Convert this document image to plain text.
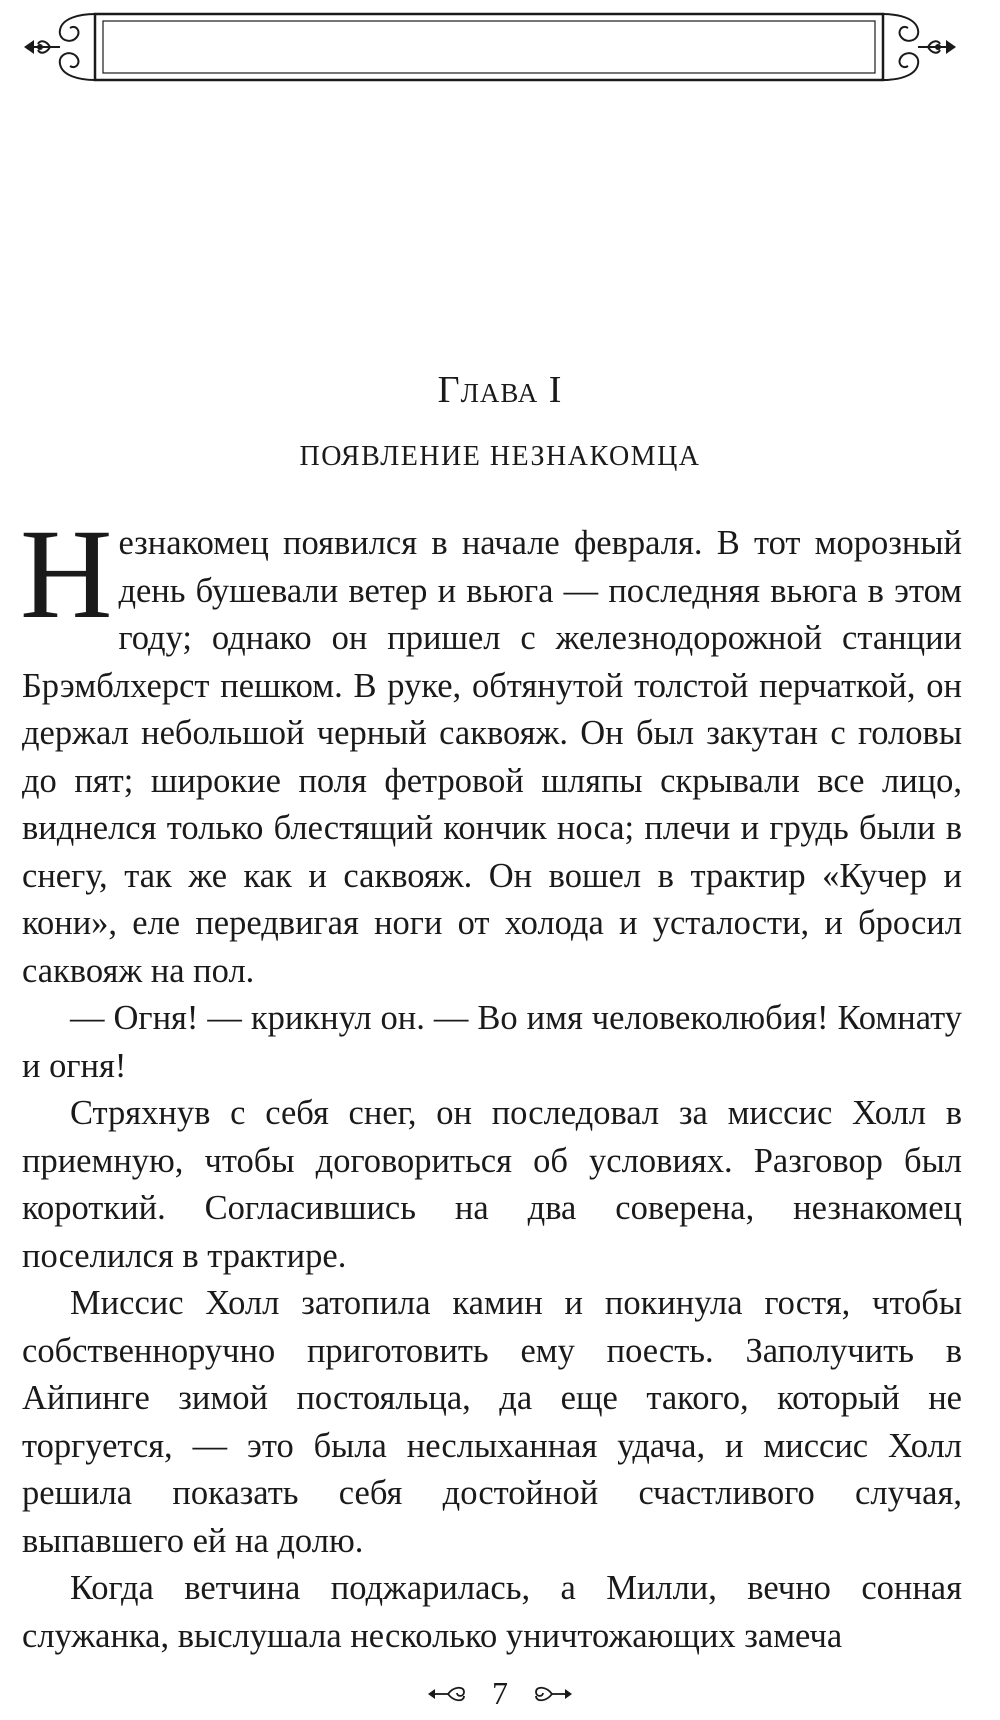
Глава I
ПОЯВЛЕНИЕ НЕЗНАКОМЦА

Незнакомец появился в начале февраля. В тот морозный день бушевали ветер и вьюга — последняя вьюга в этом году; однако он пришел с железнодорожной станции Брэмблхерст пешком. В руке, обтянутой толстой перчаткой, он держал небольшой черный саквояж. Он был закутан с головы до пят; широкие поля фетровой шляпы скрывали все лицо, виднелся только блестящий кончик носа; плечи и грудь были в снегу, так же как и саквояж. Он вошел в трактир «Кучер и кони», еле передвигая ноги от холода и усталости, и бросил саквояж на пол.

— Огня! — крикнул он. — Во имя человеколюбия! Комнату и огня!

Стряхнув с себя снег, он последовал за миссис Холл в приемную, чтобы договориться об условиях. Разговор был короткий. Согласившись на два соверена, незнакомец поселился в трактире.

Миссис Холл затопила камин и покинула гостя, чтобы собственноручно приготовить ему поесть. Заполучить в Айпинге зимой постояльца, да еще такого, который не торгуется, — это была неслыханная удача, и миссис Холл решила показать себя достойной счастливого случая, выпавшего ей на долю.

Когда ветчина поджарилась, а Милли, вечно сонная служанка, выслушала несколько уничтожающих замеча

7
